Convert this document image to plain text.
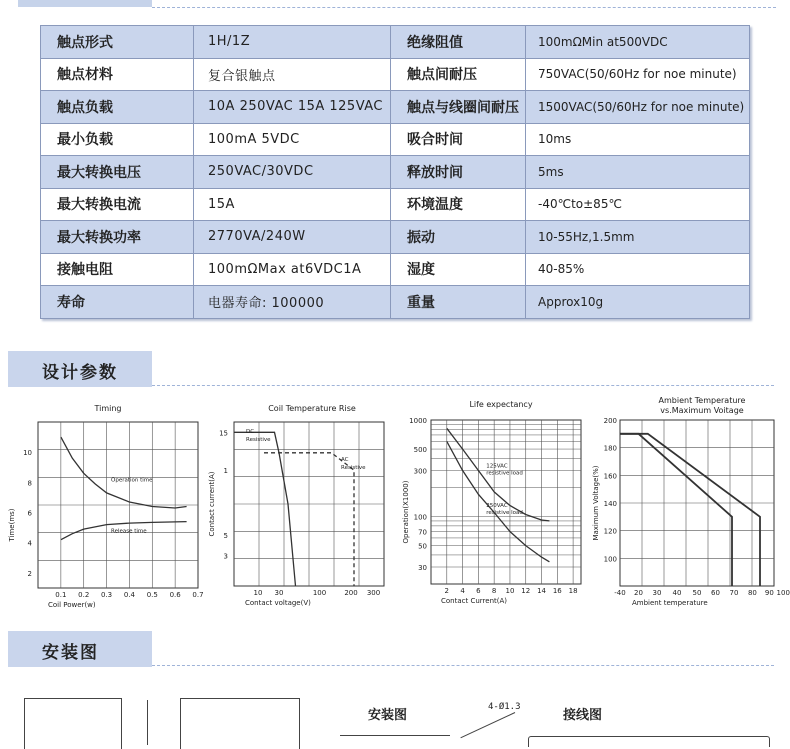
触点形式	1H/1Z	绝缘阻值	100mΩMin at500VDC
触点材料	复合银触点	触点间耐压	750VAC(50/60Hz for noe minute)
触点负载	10A 250VAC 15A 125VAC	触点与线圈间耐压	1500VAC(50/60Hz for noe minute)
最小负载	100mA 5VDC	吸合时间	10ms
最大转换电压	250VAC/30VDC	释放时间	5ms
最大转换电流	15A	环境温度	-40℃to±85℃
最大转换功率	2770VA/240W	振动	10-55Hz,1.5mm
接触电阻	100mΩMax at6VDC1A	湿度	40-85%
寿命	电器寿命: 100000	重量	Approx10g
设计参数
Timing
0.1 0.2 0.3 0.4 0.5 0.6 0.7
2
4
6
8
10
Coil Power(w)
Time(ms)
Operation time
Release time
Coil Temperature Rise
10 30	100	200 300
3
5
1
15
Contact voltage(V)
Contact current(A)
DC
Resistive
AC
Resistive
Life expectancy
2 4 6 8 10 12 14 16 18
30
50
70
100
300
500
1000
Contact Current(A)
Operation(X1000)
125VAC
resistive load
250VAC
resistive load
Ambient Temperature
vs.Maximum Voitage
-40 20 30 40 50 60 70 80 90 100
100
120
140
160
180
200
Ambient temperature
Maximum Voltage(%)
安装图
安装图	接线图
4-Ø1.3
